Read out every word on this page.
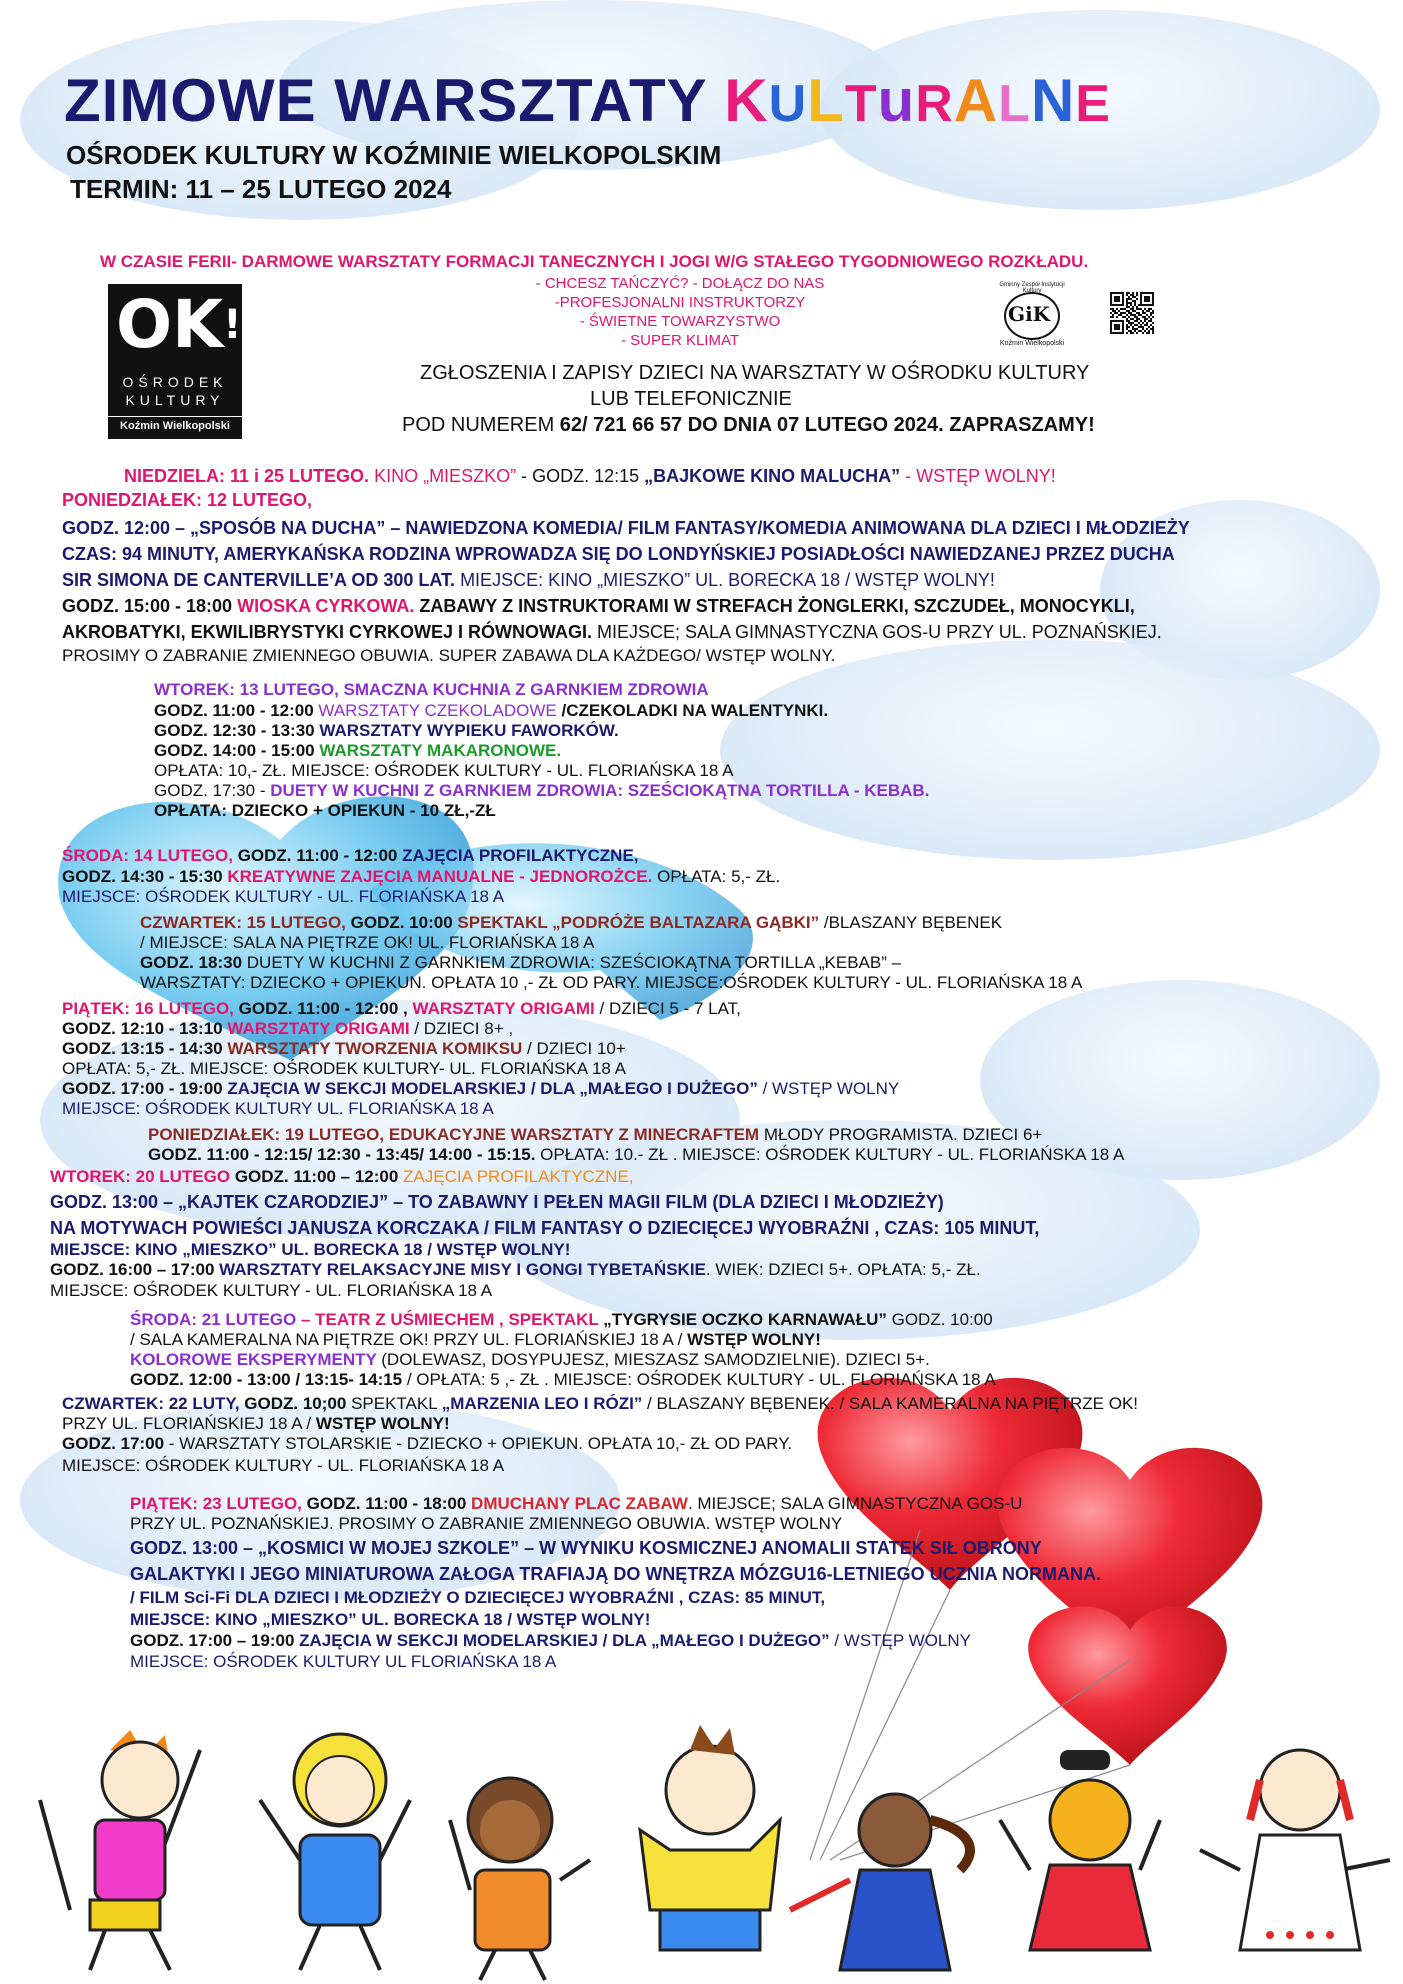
ZIMOWE WARSZTATY KULTuRALNE
OŚRODEK KULTURY W KOŹMINIE WIELKOPOLSKIM
TERMIN: 11 – 25 LUTEGO 2024
W CZASIE FERII- DARMOWE WARSZTATY FORMACJI TANECZNYCH I JOGI W/G STAŁEGO TYGODNIOWEGO ROZKŁADU.
- CHCESZ TAŃCZYĆ? - DOŁĄCZ DO NAS
-PROFESJONALNI INSTRUKTORZY
- ŚWIETNE TOWARZYSTWO
- SUPER KLIMAT
OK!
OŚRODEK
KULTURY
Koźmin Wielkopolski
Gminny Zespół Instytucji Kultury
GiK
Koźmin Wielkopolski
ZGŁOSZENIA I ZAPISY DZIECI NA WARSZTATY W OŚRODKU KULTURY
LUB TELEFONICZNIE
POD NUMEREM 62/ 721 66 57 DO DNIA 07 LUTEGO 2024. ZAPRASZAMY!
NIEDZIELA: 11 i 25 LUTEGO. KINO „MIESZKO” - GODZ. 12:15 „BAJKOWE KINO MALUCHA” - WSTĘP WOLNY!
PONIEDZIAŁEK: 12 LUTEGO,
GODZ. 12:00 – „SPOSÓB NA DUCHA” – NAWIEDZONA KOMEDIA/ FILM FANTASY/KOMEDIA ANIMOWANA DLA DZIECI I MŁODZIEŻY
CZAS: 94 MINUTY, AMERYKAŃSKA RODZINA WPROWADZA SIĘ DO LONDYŃSKIEJ POSIADŁOŚCI NAWIEDZANEJ PRZEZ DUCHA
SIR SIMONA DE CANTERVILLE’A OD 300 LAT. MIEJSCE: KINO „MIESZKO” UL. BORECKA 18 / WSTĘP WOLNY!
GODZ. 15:00 - 18:00 WIOSKA CYRKOWA. ZABAWY Z INSTRUKTORAMI W STREFACH ŻONGLERKI, SZCZUDEŁ, MONOCYKLI,
AKROBATYKI, EKWILIBRYSTYKI CYRKOWEJ I RÓWNOWAGI. MIEJSCE; SALA GIMNASTYCZNA GOS-U PRZY UL. POZNAŃSKIEJ.
PROSIMY O ZABRANIE ZMIENNEGO OBUWIA. SUPER ZABAWA DLA KAŻDEGO/ WSTĘP WOLNY.
WTOREK: 13 LUTEGO, SMACZNA KUCHNIA Z GARNKIEM ZDROWIA
GODZ. 11:00 - 12:00 WARSZTATY CZEKOLADOWE /CZEKOLADKI NA WALENTYNKI.
GODZ. 12:30 - 13:30 WARSZTATY WYPIEKU FAWORKÓW.
GODZ. 14:00 - 15:00 WARSZTATY MAKARONOWE.
OPŁATA: 10,- ZŁ. MIEJSCE: OŚRODEK KULTURY - UL. FLORIAŃSKA 18 A
GODZ. 17:30 - DUETY W KUCHNI Z GARNKIEM ZDROWIA: SZEŚCIOKĄTNA TORTILLA - KEBAB.
OPŁATA: DZIECKO + OPIEKUN - 10 ZŁ,-ZŁ
ŚRODA: 14 LUTEGO, GODZ. 11:00 - 12:00 ZAJĘCIA PROFILAKTYCZNE,
GODZ. 14:30 - 15:30 KREATYWNE ZAJĘCIA MANUALNE - JEDNOROŻCE. OPŁATA: 5,- ZŁ.
MIEJSCE: OŚRODEK KULTURY - UL. FLORIAŃSKA 18 A
CZWARTEK: 15 LUTEGO, GODZ. 10:00 SPEKTAKL „PODRÓŻE BALTAZARA GĄBKI” /BLASZANY BĘBENEK
/ MIEJSCE: SALA NA PIĘTRZE OK! UL. FLORIAŃSKA 18 A
GODZ. 18:30 DUETY W KUCHNI Z GARNKIEM ZDROWIA: SZEŚCIOKĄTNA TORTILLA „KEBAB” –
WARSZTATY: DZIECKO + OPIEKUN. OPŁATA 10 ,- ZŁ OD PARY. MIEJSCE:OŚRODEK KULTURY - UL. FLORIAŃSKA 18 A
PIĄTEK: 16 LUTEGO, GODZ. 11:00 - 12:00 , WARSZTATY ORIGAMI / DZIECI 5 - 7 LAT,
GODZ. 12:10 - 13:10 WARSZTATY ORIGAMI / DZIECI 8+ ,
GODZ. 13:15 - 14:30 WARSZTATY TWORZENIA KOMIKSU / DZIECI 10+
OPŁATA: 5,- ZŁ. MIEJSCE: OŚRODEK KULTURY- UL. FLORIAŃSKA 18 A
GODZ. 17:00 - 19:00 ZAJĘCIA W SEKCJI MODELARSKIEJ / DLA „MAŁEGO I DUŻEGO” / WSTĘP WOLNY
MIEJSCE: OŚRODEK KULTURY UL. FLORIAŃSKA 18 A
PONIEDZIAŁEK: 19 LUTEGO, EDUKACYJNE WARSZTATY Z MINECRAFTEM MŁODY PROGRAMISTA. DZIECI 6+
GODZ. 11:00 - 12:15/ 12:30 - 13:45/ 14:00 - 15:15. OPŁATA: 10.- ZŁ . MIEJSCE: OŚRODEK KULTURY - UL. FLORIAŃSKA 18 A
WTOREK: 20 LUTEGO GODZ. 11:00 – 12:00 ZAJĘCIA PROFILAKTYCZNE,
GODZ. 13:00 – „KAJTEK CZARODZIEJ” – TO ZABAWNY I PEŁEN MAGII FILM (DLA DZIECI I MŁODZIEŻY)
NA MOTYWACH POWIEŚCI JANUSZA KORCZAKA / FILM FANTASY O DZIECIĘCEJ WYOBRAŹNI , CZAS: 105 MINUT,
MIEJSCE: KINO „MIESZKO” UL. BORECKA 18 / WSTĘP WOLNY!
GODZ. 16:00 – 17:00 WARSZTATY RELAKSACYJNE MISY I GONGI TYBETAŃSKIE. WIEK: DZIECI 5+. OPŁATA: 5,- ZŁ.
MIEJSCE: OŚRODEK KULTURY - UL. FLORIAŃSKA 18 A
ŚRODA: 21 LUTEGO – TEATR Z UŚMIECHEM , SPEKTAKL „TYGRYSIE OCZKO KARNAWAŁU” GODZ. 10:00
/ SALA KAMERALNA NA PIĘTRZE OK! PRZY UL. FLORIAŃSKIEJ 18 A / WSTĘP WOLNY!
KOLOROWE EKSPERYMENTY (DOLEWASZ, DOSYPUJESZ, MIESZASZ SAMODZIELNIE). DZIECI 5+.
GODZ. 12:00 - 13:00 / 13:15- 14:15 / OPŁATA: 5 ,- ZŁ . MIEJSCE: OŚRODEK KULTURY - UL. FLORIAŃSKA 18 A
CZWARTEK: 22 LUTY, GODZ. 10;00 SPEKTAKL „MARZENIA LEO I RÓZI” / BLASZANY BĘBENEK. / SALA KAMERALNA NA PIĘTRZE OK!
PRZY UL. FLORIAŃSKIEJ 18 A / WSTĘP WOLNY!
GODZ. 17:00 - WARSZTATY STOLARSKIE - DZIECKO + OPIEKUN. OPŁATA 10,- ZŁ OD PARY.
MIEJSCE: OŚRODEK KULTURY - UL. FLORIAŃSKA 18 A
PIĄTEK: 23 LUTEGO, GODZ. 11:00 - 18:00 DMUCHANY PLAC ZABAW. MIEJSCE; SALA GIMNASTYCZNA GOS-U
PRZY UL. POZNAŃSKIEJ. PROSIMY O ZABRANIE ZMIENNEGO OBUWIA. WSTĘP WOLNY
GODZ. 13:00 – „KOSMICI W MOJEJ SZKOLE” – W WYNIKU KOSMICZNEJ ANOMALII STATEK SIŁ OBRONY
GALAKTYKI I JEGO MINIATUROWA ZAŁOGA TRAFIAJĄ DO WNĘTRZA MÓZGU16-LETNIEGO UCZNIA NORMANA.
/ FILM Sci-Fi DLA DZIECI I MŁODZIEŻY O DZIECIĘCEJ WYOBRAŹNI , CZAS: 85 MINUT,
MIEJSCE: KINO „MIESZKO” UL. BORECKA 18 / WSTĘP WOLNY!
GODZ. 17:00 – 19:00 ZAJĘCIA W SEKCJI MODELARSKIEJ / DLA „MAŁEGO I DUŻEGO” / WSTĘP WOLNY
MIEJSCE: OŚRODEK KULTURY UL FLORIAŃSKA 18 A
